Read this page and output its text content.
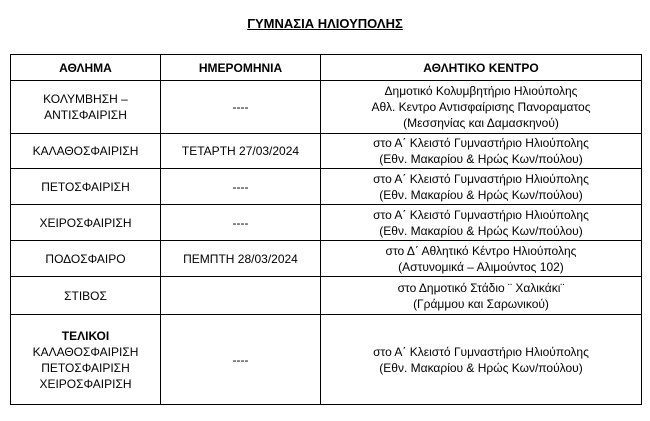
ΓΥΜΝΑΣΙΑ ΗΛΙΟΥΠΟΛΗΣ
ΑΘΛΗΜΑ	ΗΜΕΡΟΜΗΝΙΑ	ΑΘΛΗΤΙΚΟ ΚΕΝΤΡΟ

ΚΟΛΥΜΒΗΣΗ –
ΑΝΤΙΣΦΑΙΡΙΣΗ	----	Δημοτικό Κολυμβητήριο Ηλιούπολης
Αθλ. Κεντρο Αντισφαίρισης Πανοραματος
(Μεσσηνίας και Δαμασκηνού)

ΚΑΛΑΘΟΣΦΑΙΡΙΣΗ	ΤΕΤΑΡΤΗ 27/03/2024	στο Α΄ Κλειστό Γυμναστήριο Ηλιούπολης
(Εθν. Μακαρίου & Ηρώς Κων/πούλου)

ΠΕΤΟΣΦΑΙΡΙΣΗ	----	στο Α΄ Κλειστό Γυμναστήριο Ηλιούπολης
(Εθν. Μακαρίου & Ηρώς Κων/πούλου)

ΧΕΙΡΟΣΦΑΙΡΙΣΗ	----	στο Α΄ Κλειστό Γυμναστήριο Ηλιούπολης
(Εθν. Μακαρίου & Ηρώς Κων/πούλου)

ΠΟΔΟΣΦΑΙΡΟ	ΠΕΜΠΤΗ 28/03/2024	στο Δ΄ Αθλητικό Κέντρο Ηλιούπολης
(Αστυνομικά – Αλιμούντος 102)

ΣΤΙΒΟΣ		στο Δημοτικό Στάδιο ¨ Χαλικάκι¨
(Γράμμου και Σαρωνικού)

ΤΕΛΙΚΟΙ
ΚΑΛΑΘΟΣΦΑΙΡΙΣΗ
ΠΕΤΟΣΦΑΙΡΙΣΗ
ΧΕΙΡΟΣΦΑΙΡΙΣΗ	----	στο Α΄ Κλειστό Γυμναστήριο Ηλιούπολης
(Εθν. Μακαρίου & Ηρώς Κων/πούλου)
